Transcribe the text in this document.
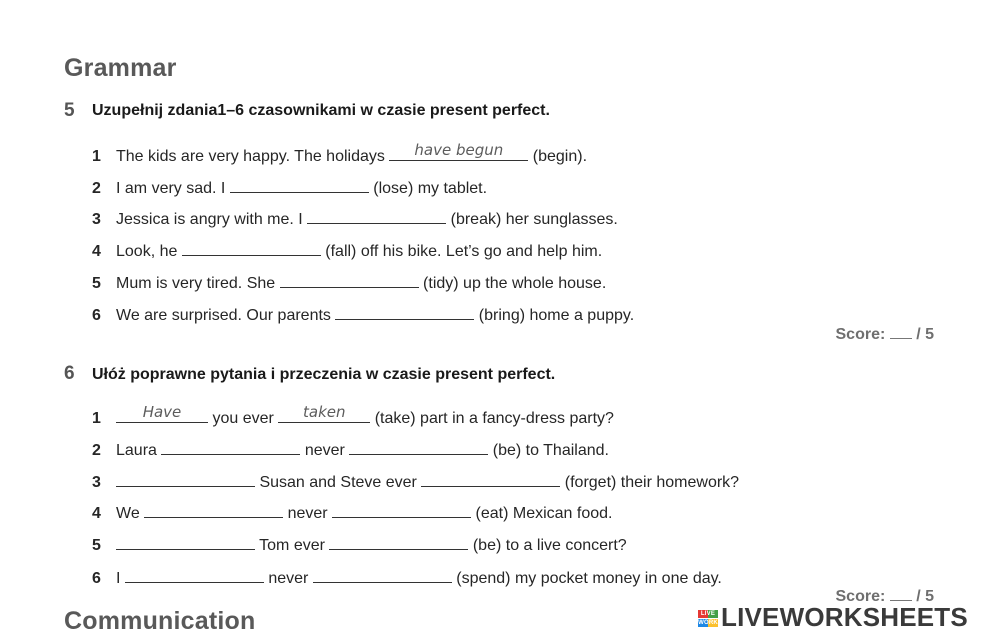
Grammar
5 Uzupełnij zdania1–6 czasownikami w czasie present perfect.
1 The kids are very happy. The holidays	have begun	(begin).
2 I am very sad. I	(lose) my tablet.
3 Jessica is angry with me. I	(break) her sunglasses.
4 Look, he	(fall) off his bike. Let’s go and help him.
5 Mum is very tired. She	(tidy) up the whole house.
6 We are surprised. Our parents	(bring) home a puppy.
Score: / 5
6 Ułóż poprawne pytania i przeczenia w czasie present perfect.
1	Have	you ever	taken	(take) part in a fancy-dress party?
2 Laura	never	(be) to Thailand.
3	Susan and Steve ever	(forget) their homework?
4 We	never	(eat) Mexican food.
5	Tom ever	(be) to a live concert?
6 I	never	(spend) my pocket money in one day.
Score: / 5
Communication	LIVE
WORK LIVEWORKSHEETS
